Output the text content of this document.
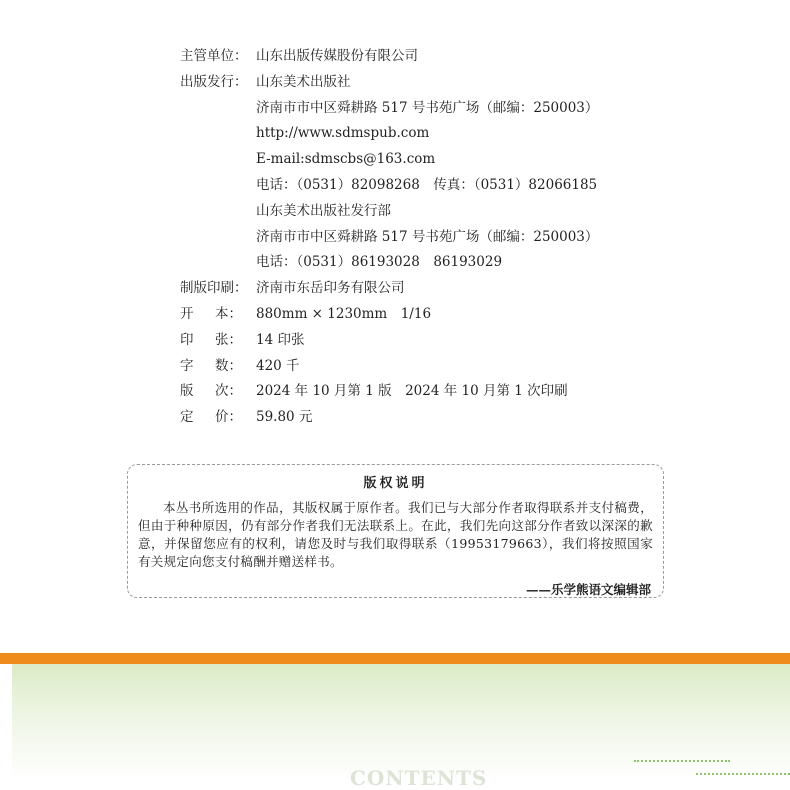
主管单位： 山东出版传媒股份有限公司
出版发行： 山东美术出版社
济南市市中区舜耕路 517 号书苑广场（邮编：250003）
http://www.sdmspub.com
E-mail:sdmscbs@163.com
电话：（0531）82098268　传真：（0531）82066185
山东美术出版社发行部
济南市市中区舜耕路 517 号书苑广场（邮编：250003）
电话：（0531）86193028　86193029
制版印刷： 济南市东岳印务有限公司
开 本： 880mm × 1230mm　1/16
印 张： 14 印张
字 数： 420 千
版 次： 2024 年 10 月第 1 版　2024 年 10 月第 1 次印刷
定 价： 59.80 元
版权说明
本丛书所选用的作品，其版权属于原作者。我们已与大部分作者取得联系并支付稿费，但由于种种原因，仍有部分作者我们无法联系上。在此，我们先向这部分作者致以深深的歉意，并保留您应有的权利，请您及时与我们取得联系（19953179663），我们将按照国家有关规定向您支付稿酬并赠送样书。
——乐学熊语文编辑部
CONTENTS
